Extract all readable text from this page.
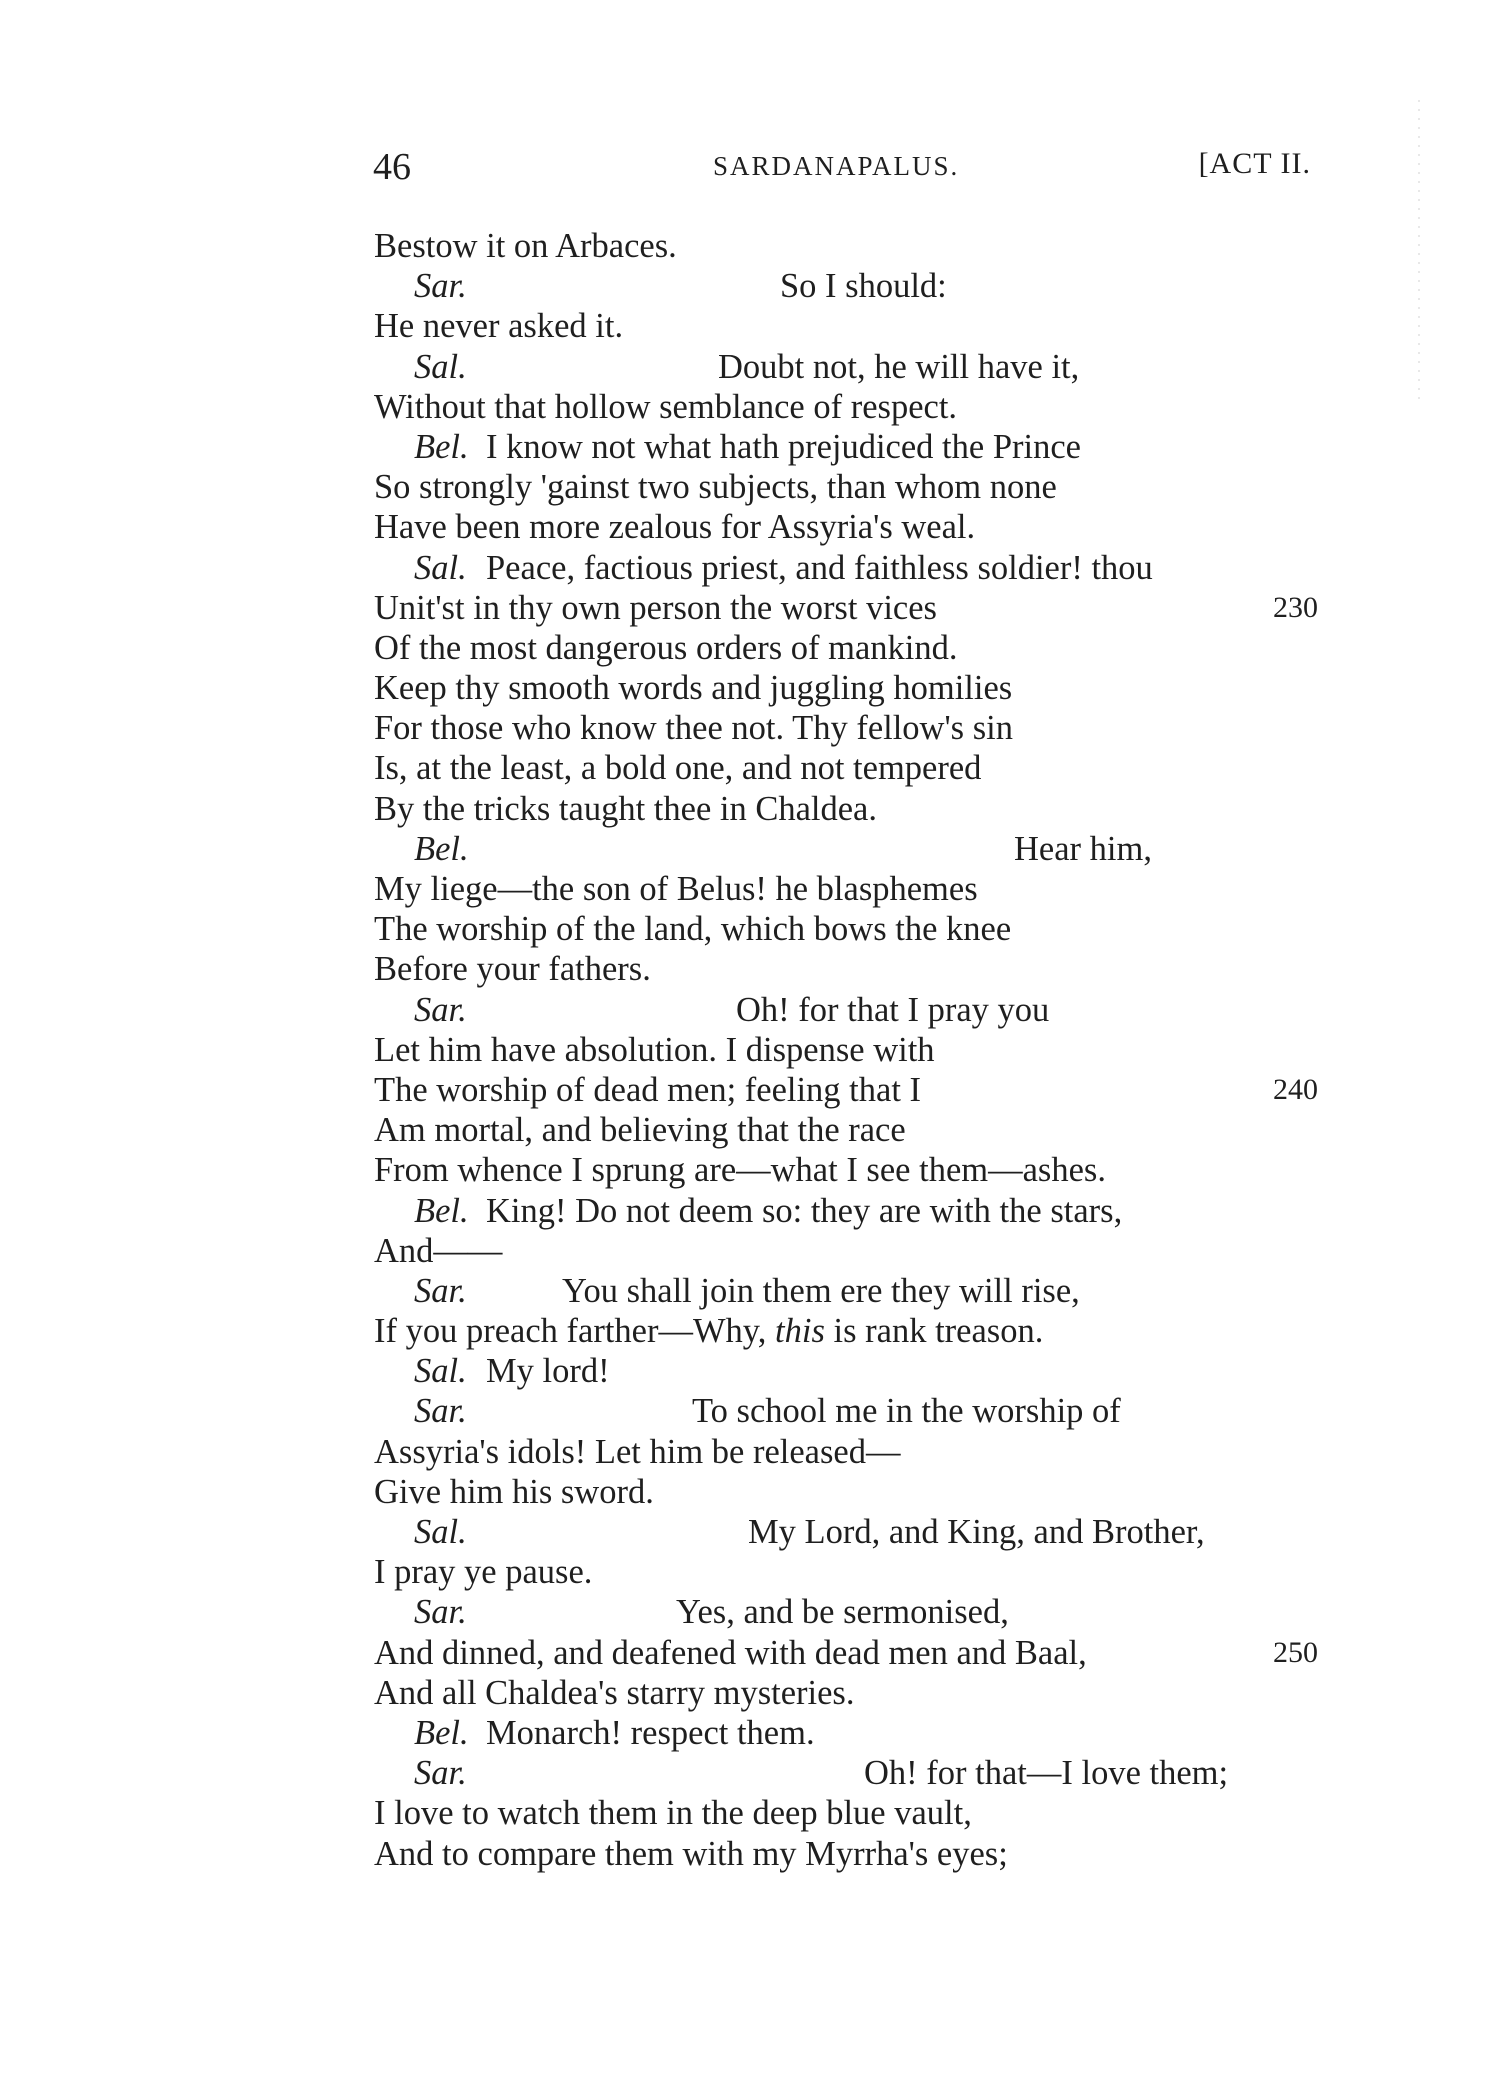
46	SARDANAPALUS.	[ACT II.
Bestow it on Arbaces.
Sar.	So I should:
He never asked it.
Sal.	Doubt not, he will have it,
Without that hollow semblance of respect.
Bel. I know not what hath prejudiced the Prince
So strongly 'gainst two subjects, than whom none
Have been more zealous for Assyria's weal.
Sal. Peace, factious priest, and faithless soldier! thou
Unit'st in thy own person the worst vices	230
Of the most dangerous orders of mankind.
Keep thy smooth words and juggling homilies
For those who know thee not. Thy fellow's sin
Is, at the least, a bold one, and not tempered
By the tricks taught thee in Chaldea.
Bel.	Hear him,
My liege—the son of Belus! he blasphemes
The worship of the land, which bows the knee
Before your fathers.
Sar.	Oh! for that I pray you
Let him have absolution. I dispense with
The worship of dead men; feeling that I	240
Am mortal, and believing that the race
From whence I sprung are—what I see them—ashes.
Bel. King! Do not deem so: they are with the stars,
And——
Sar.	You shall join them ere they will rise,
If you preach farther—Why, this is rank treason.
Sal. My lord!
Sar.	To school me in the worship of
Assyria's idols! Let him be released—
Give him his sword.
Sal.	My Lord, and King, and Brother,
I pray ye pause.
Sar.	Yes, and be sermonised,
And dinned, and deafened with dead men and Baal,	250
And all Chaldea's starry mysteries.
Bel. Monarch! respect them.
Sar.	Oh! for that—I love them;
I love to watch them in the deep blue vault,
And to compare them with my Myrrha's eyes;
